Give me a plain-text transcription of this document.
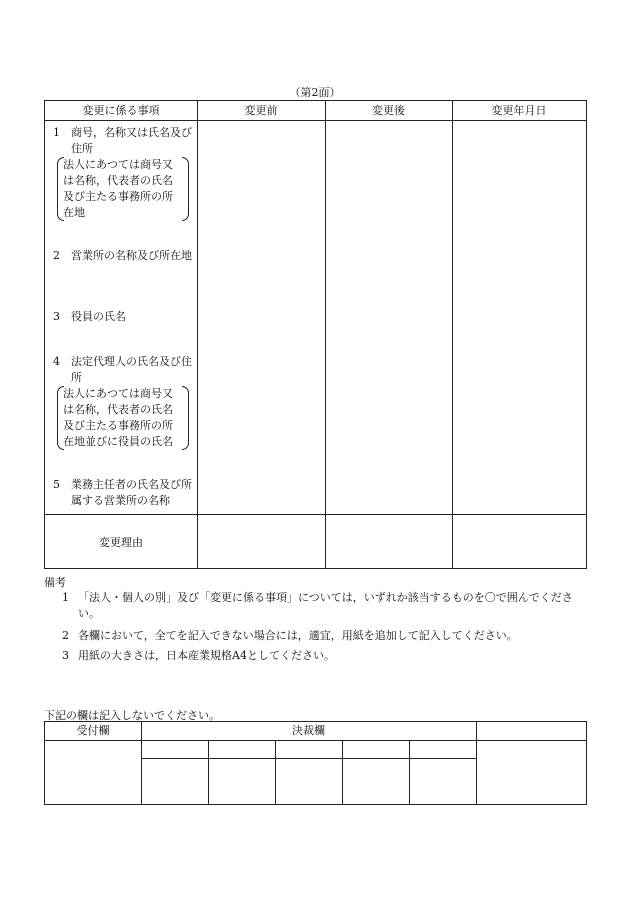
（第2面）
変更に係る事項	変更前	変更後	変更年月日
1	商号，名称又は氏名及び住所
法人にあつては商号又は名称，代表者の氏名及び主たる事務所の所在地
2	営業所の名称及び所在地
3	役員の氏名
4	法定代理人の氏名及び住所
法人にあつては商号又は名称，代表者の氏名及び主たる事務所の所在地並びに役員の氏名
5	業務主任者の氏名及び所属する営業所の名称
変更理由
備考
1 「法人・個人の別」及び「変更に係る事項」については，いずれか該当するものを〇で囲んでください。
2 各欄において，全てを記入できない場合には，適宜，用紙を追加して記入してください。
3 用紙の大きさは，日本産業規格A4としてください。
下記の欄は記入しないでください。
受付欄	決裁欄
